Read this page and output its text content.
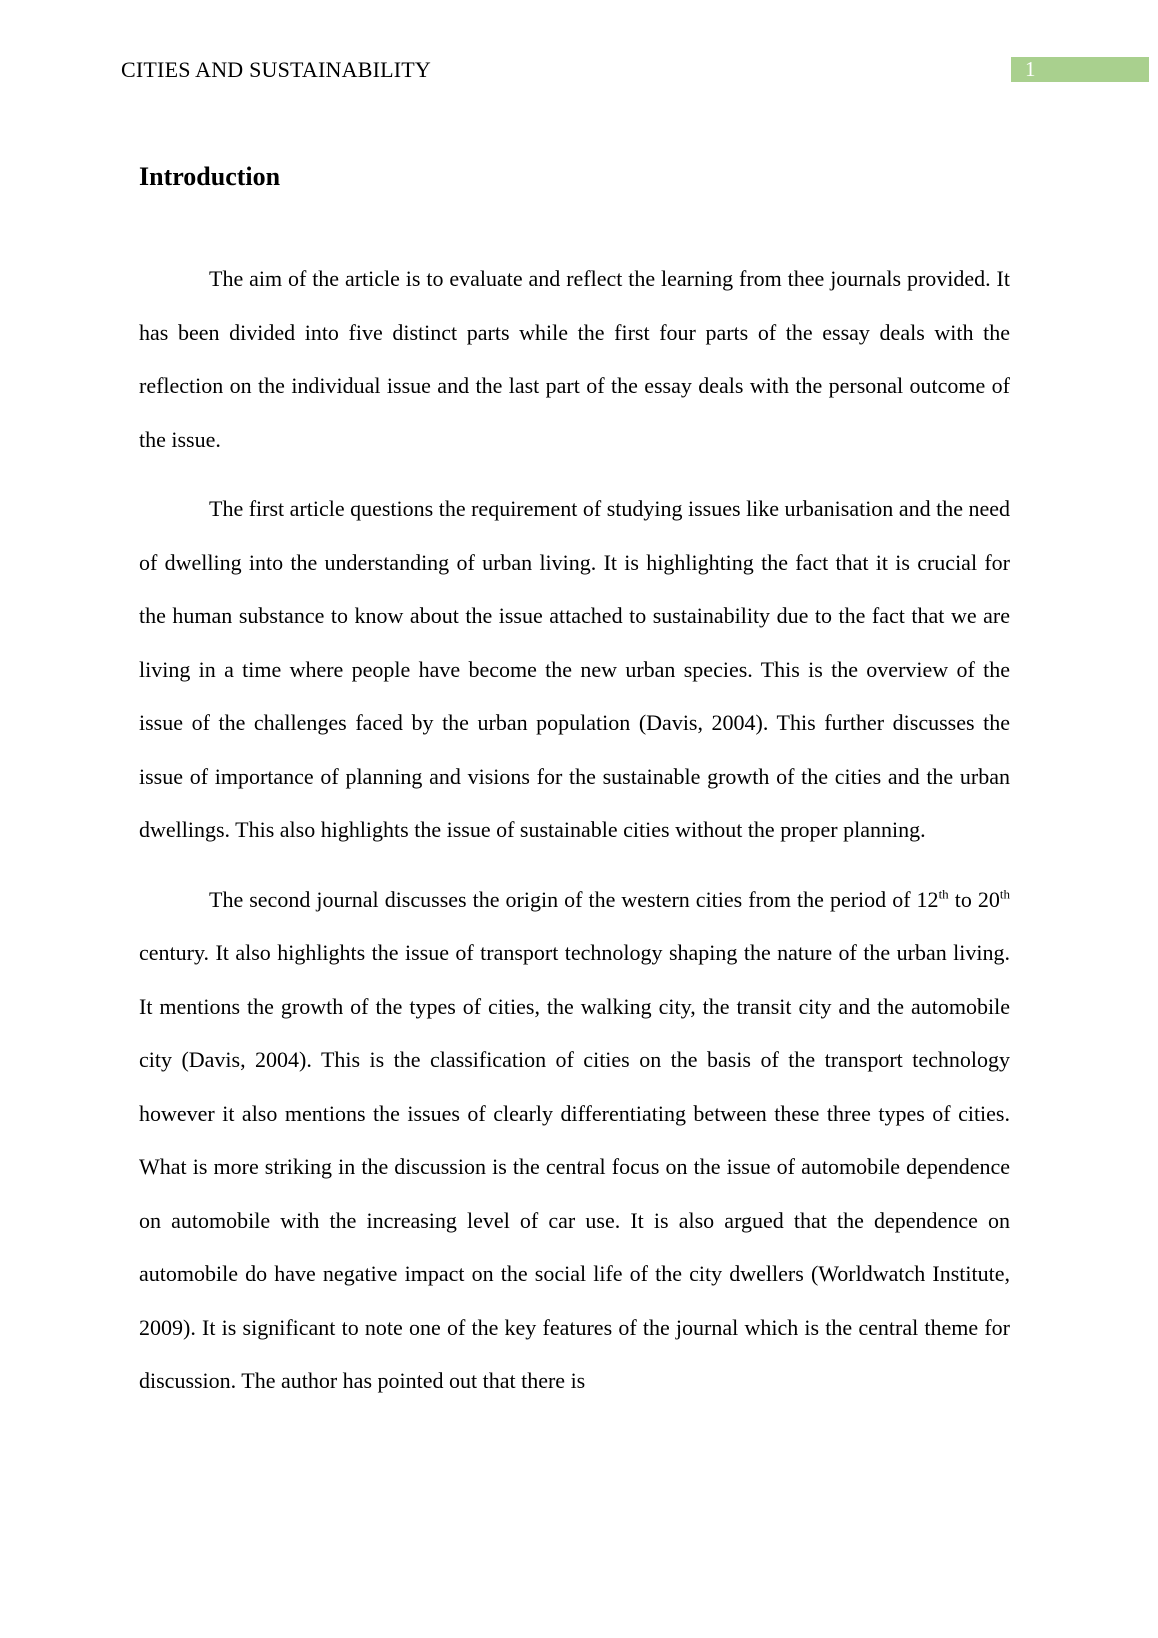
CITIES AND SUSTAINABILITY	1
Introduction

The aim of the article is to evaluate and reflect the learning from thee journals provided. It has been divided into five distinct parts while the first four parts of the essay deals with the reflection on the individual issue and the last part of the essay deals with the personal outcome of the issue.

The first article questions the requirement of studying issues like urbanisation and the need of dwelling into the understanding of urban living. It is highlighting the fact that it is crucial for the human substance to know about the issue attached to sustainability due to the fact that we are living in a time where people have become the new urban species. This is the overview of the issue of the challenges faced by the urban population (Davis, 2004). This further discusses the issue of importance of planning and visions for the sustainable growth of the cities and the urban dwellings. This also highlights the issue of sustainable cities without the proper planning.

The second journal discusses the origin of the western cities from the period of 12th to 20th century. It also highlights the issue of transport technology shaping the nature of the urban living. It mentions the growth of the types of cities, the walking city, the transit city and the automobile city (Davis, 2004). This is the classification of cities on the basis of the transport technology however it also mentions the issues of clearly differentiating between these three types of cities. What is more striking in the discussion is the central focus on the issue of automobile dependence on automobile with the increasing level of car use. It is also argued that the dependence on automobile do have negative impact on the social life of the city dwellers (Worldwatch Institute, 2009). It is significant to note one of the key features of the journal which is the central theme for discussion. The author has pointed out that there is
